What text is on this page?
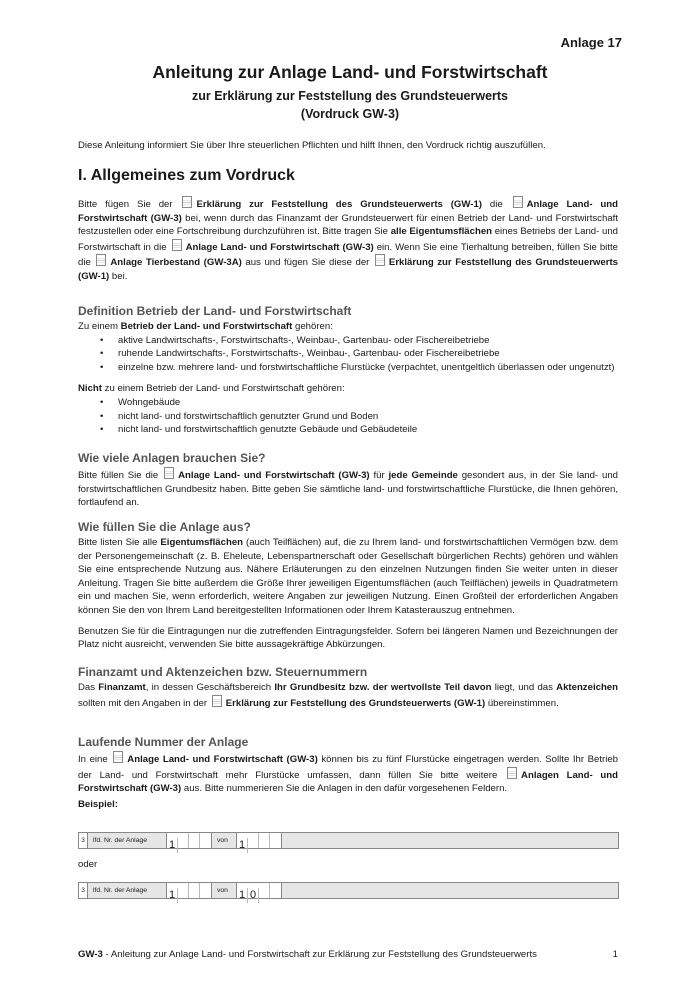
Anlage 17
Anleitung zur Anlage Land- und Forstwirtschaft
zur Erklärung zur Feststellung des Grundsteuerwerts
(Vordruck GW-3)
Diese Anleitung informiert Sie über Ihre steuerlichen Pflichten und hilft Ihnen, den Vordruck richtig auszufüllen.
I. Allgemeines zum Vordruck
Bitte fügen Sie der Erklärung zur Feststellung des Grundsteuerwerts (GW-1) die Anlage Land- und Forstwirtschaft (GW-3) bei, wenn durch das Finanzamt der Grundsteuerwert für einen Betrieb der Land- und Forstwirtschaft festzustellen oder eine Fortschreibung durchzuführen ist. Bitte tragen Sie alle Eigentumsflächen eines Betriebs der Land- und Forstwirtschaft in die Anlage Land- und Forstwirtschaft (GW-3) ein. Wenn Sie eine Tierhaltung betreiben, füllen Sie bitte die Anlage Tierbestand (GW-3A) aus und fügen Sie diese der Erklärung zur Feststellung des Grundsteuerwerts (GW-1) bei.
Definition Betrieb der Land- und Forstwirtschaft
Zu einem Betrieb der Land- und Forstwirtschaft gehören:
• aktive Landwirtschafts-, Forstwirtschafts-, Weinbau-, Gartenbau- oder Fischereibetriebe
• ruhende Landwirtschafts-, Forstwirtschafts-, Weinbau-, Gartenbau- oder Fischereibetriebe
• einzelne bzw. mehrere land- und forstwirtschaftliche Flurstücke (verpachtet, unentgeltlich überlassen oder ungenutzt)
Nicht zu einem Betrieb der Land- und Forstwirtschaft gehören:
• Wohngebäude
• nicht land- und forstwirtschaftlich genutzter Grund und Boden
• nicht land- und forstwirtschaftlich genutzte Gebäude und Gebäudeteile
Wie viele Anlagen brauchen Sie?
Bitte füllen Sie die Anlage Land- und Forstwirtschaft (GW-3) für jede Gemeinde gesondert aus, in der Sie land- und forstwirtschaftlichen Grundbesitz haben. Bitte geben Sie sämtliche land- und forstwirtschaftliche Flurstücke, die Ihnen gehören, fortlaufend an.
Wie füllen Sie die Anlage aus?
Bitte listen Sie alle Eigentumsflächen (auch Teilflächen) auf, die zu Ihrem land- und forstwirtschaftlichen Vermögen bzw. dem der Personengemeinschaft (z. B. Eheleute, Lebenspartnerschaft oder Gesellschaft bürgerlichen Rechts) gehören und wählen Sie eine entsprechende Nutzung aus. Nähere Erläuterungen zu den einzelnen Nutzungen finden Sie weiter unten in dieser Anleitung. Tragen Sie bitte außerdem die Größe Ihrer jeweiligen Eigentumsflächen (auch Teilflächen) jeweils in Quadratmetern ein und machen Sie, wenn erforderlich, weitere Angaben zur jeweiligen Nutzung. Einen Großteil der erforderlichen Angaben können Sie den von Ihrem Land bereitgestellten Informationen oder Ihrem Katasterauszug entnehmen.
Benutzen Sie für die Eintragungen nur die zutreffenden Eintragungsfelder. Sofern bei längeren Namen und Bezeichnungen der Platz nicht ausreicht, verwenden Sie bitte aussagekräftige Abkürzungen.
Finanzamt und Aktenzeichen bzw. Steuernummern
Das Finanzamt, in dessen Geschäftsbereich Ihr Grundbesitz bzw. der wertvollste Teil davon liegt, und das Aktenzeichen sollten mit den Angaben in der Erklärung zur Feststellung des Grundsteuerwerts (GW-1) übereinstimmen.
Laufende Nummer der Anlage
In eine Anlage Land- und Forstwirtschaft (GW-3) können bis zu fünf Flurstücke eingetragen werden. Sollte Ihr Betrieb der Land- und Forstwirtschaft mehr Flurstücke umfassen, dann füllen Sie bitte weitere Anlagen Land- und Forstwirtschaft (GW-3) aus. Bitte nummerieren Sie die Anlagen in den dafür vorgesehenen Feldern.
Beispiel:
3	lfd. Nr. der Anlage 1	von 1
oder
3	lfd. Nr. der Anlage 1	von 1 0
GW-3 - Anleitung zur Anlage Land- und Forstwirtschaft zur Erklärung zur Feststellung des Grundsteuerwerts	1
